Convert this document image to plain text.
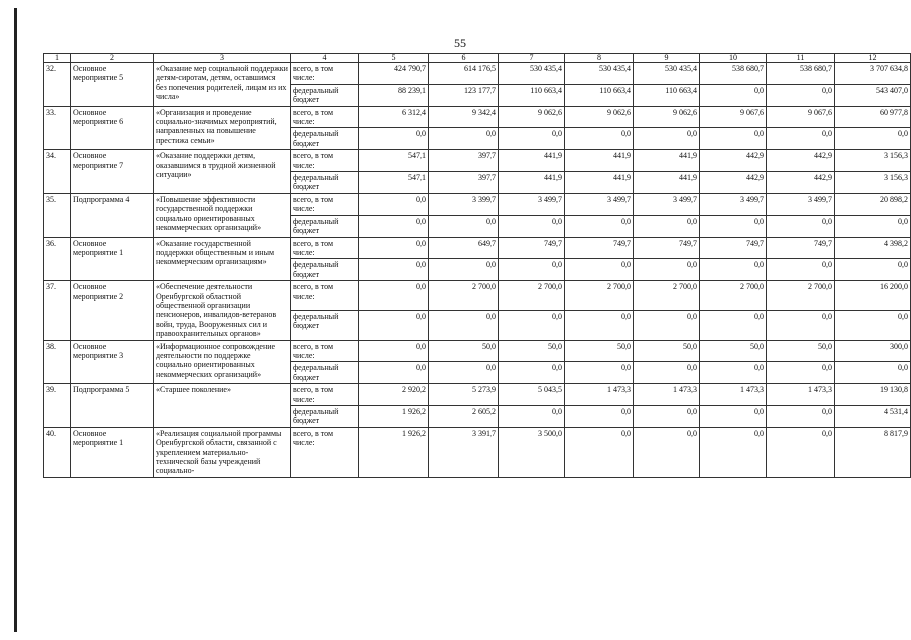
55
1	2	3	4	5	6	7	8	9	10	11	12
32.	Основное мероприятие 5	«Оказание мер социальной поддержки детям-сиротам, детям, оставшимся без попечения родителей, лицам из их числа»	всего, в том числе:	424 790,7	614 176,5	530 435,4	530 435,4	530 435,4	538 680,7	538 680,7	3 707 634,8
			федеральный бюджет	88 239,1	123 177,7	110 663,4	110 663,4	110 663,4	0,0	0,0	543 407,0
33.	Основное мероприятие 6	«Организация и проведение социально-значимых мероприятий, направленных на повышение престижа семьи»	всего, в том числе:	6 312,4	9 342,4	9 062,6	9 062,6	9 062,6	9 067,6	9 067,6	60 977,8
			федеральный бюджет	0,0	0,0	0,0	0,0	0,0	0,0	0,0	0,0
34.	Основное мероприятие 7	«Оказание поддержки детям, оказавшимся в трудной жизненной ситуации»	всего, в том числе:	547,1	397,7	441,9	441,9	441,9	442,9	442,9	3 156,3
			федеральный бюджет	547,1	397,7	441,9	441,9	441,9	442,9	442,9	3 156,3
35.	Подпрограмма 4	«Повышение эффективности государственной поддержки социально ориентированных некоммерческих организаций»	всего, в том числе:	0,0	3 399,7	3 499,7	3 499,7	3 499,7	3 499,7	3 499,7	20 898,2
			федеральный бюджет	0,0	0,0	0,0	0,0	0,0	0,0	0,0	0,0
36.	Основное мероприятие 1	«Оказание государственной поддержки общественным и иным некоммерческим организациям»	всего, в том числе:	0,0	649,7	749,7	749,7	749,7	749,7	749,7	4 398,2
			федеральный бюджет	0,0	0,0	0,0	0,0	0,0	0,0	0,0	0,0
37.	Основное мероприятие 2	«Обеспечение деятельности Оренбургской областной общественной организации пенсионеров, инвалидов-ветеранов войн, труда, Вооруженных сил и правоохранительных органов»	всего, в том числе:	0,0	2 700,0	2 700,0	2 700,0	2 700,0	2 700,0	2 700,0	16 200,0
			федеральный бюджет	0,0	0,0	0,0	0,0	0,0	0,0	0,0	0,0
38.	Основное мероприятие 3	«Информационное сопровождение деятельности по поддержке социально ориентированных некоммерческих организаций»	всего, в том числе:	0,0	50,0	50,0	50,0	50,0	50,0	50,0	300,0
			федеральный бюджет	0,0	0,0	0,0	0,0	0,0	0,0	0,0	0,0
39.	Подпрограмма 5	«Старшее поколение»	всего, в том числе:	2 920,2	5 273,9	5 043,5	1 473,3	1 473,3	1 473,3	1 473,3	19 130,8
			федеральный бюджет	1 926,2	2 605,2	0,0	0,0	0,0	0,0	0,0	4 531,4
40.	Основное мероприятие 1	«Реализация социальной программы Оренбургской области, связанной с укреплением материально-технической базы учреждений социально-	всего, в том числе:	1 926,2	3 391,7	3 500,0	0,0	0,0	0,0	0,0	8 817,9
